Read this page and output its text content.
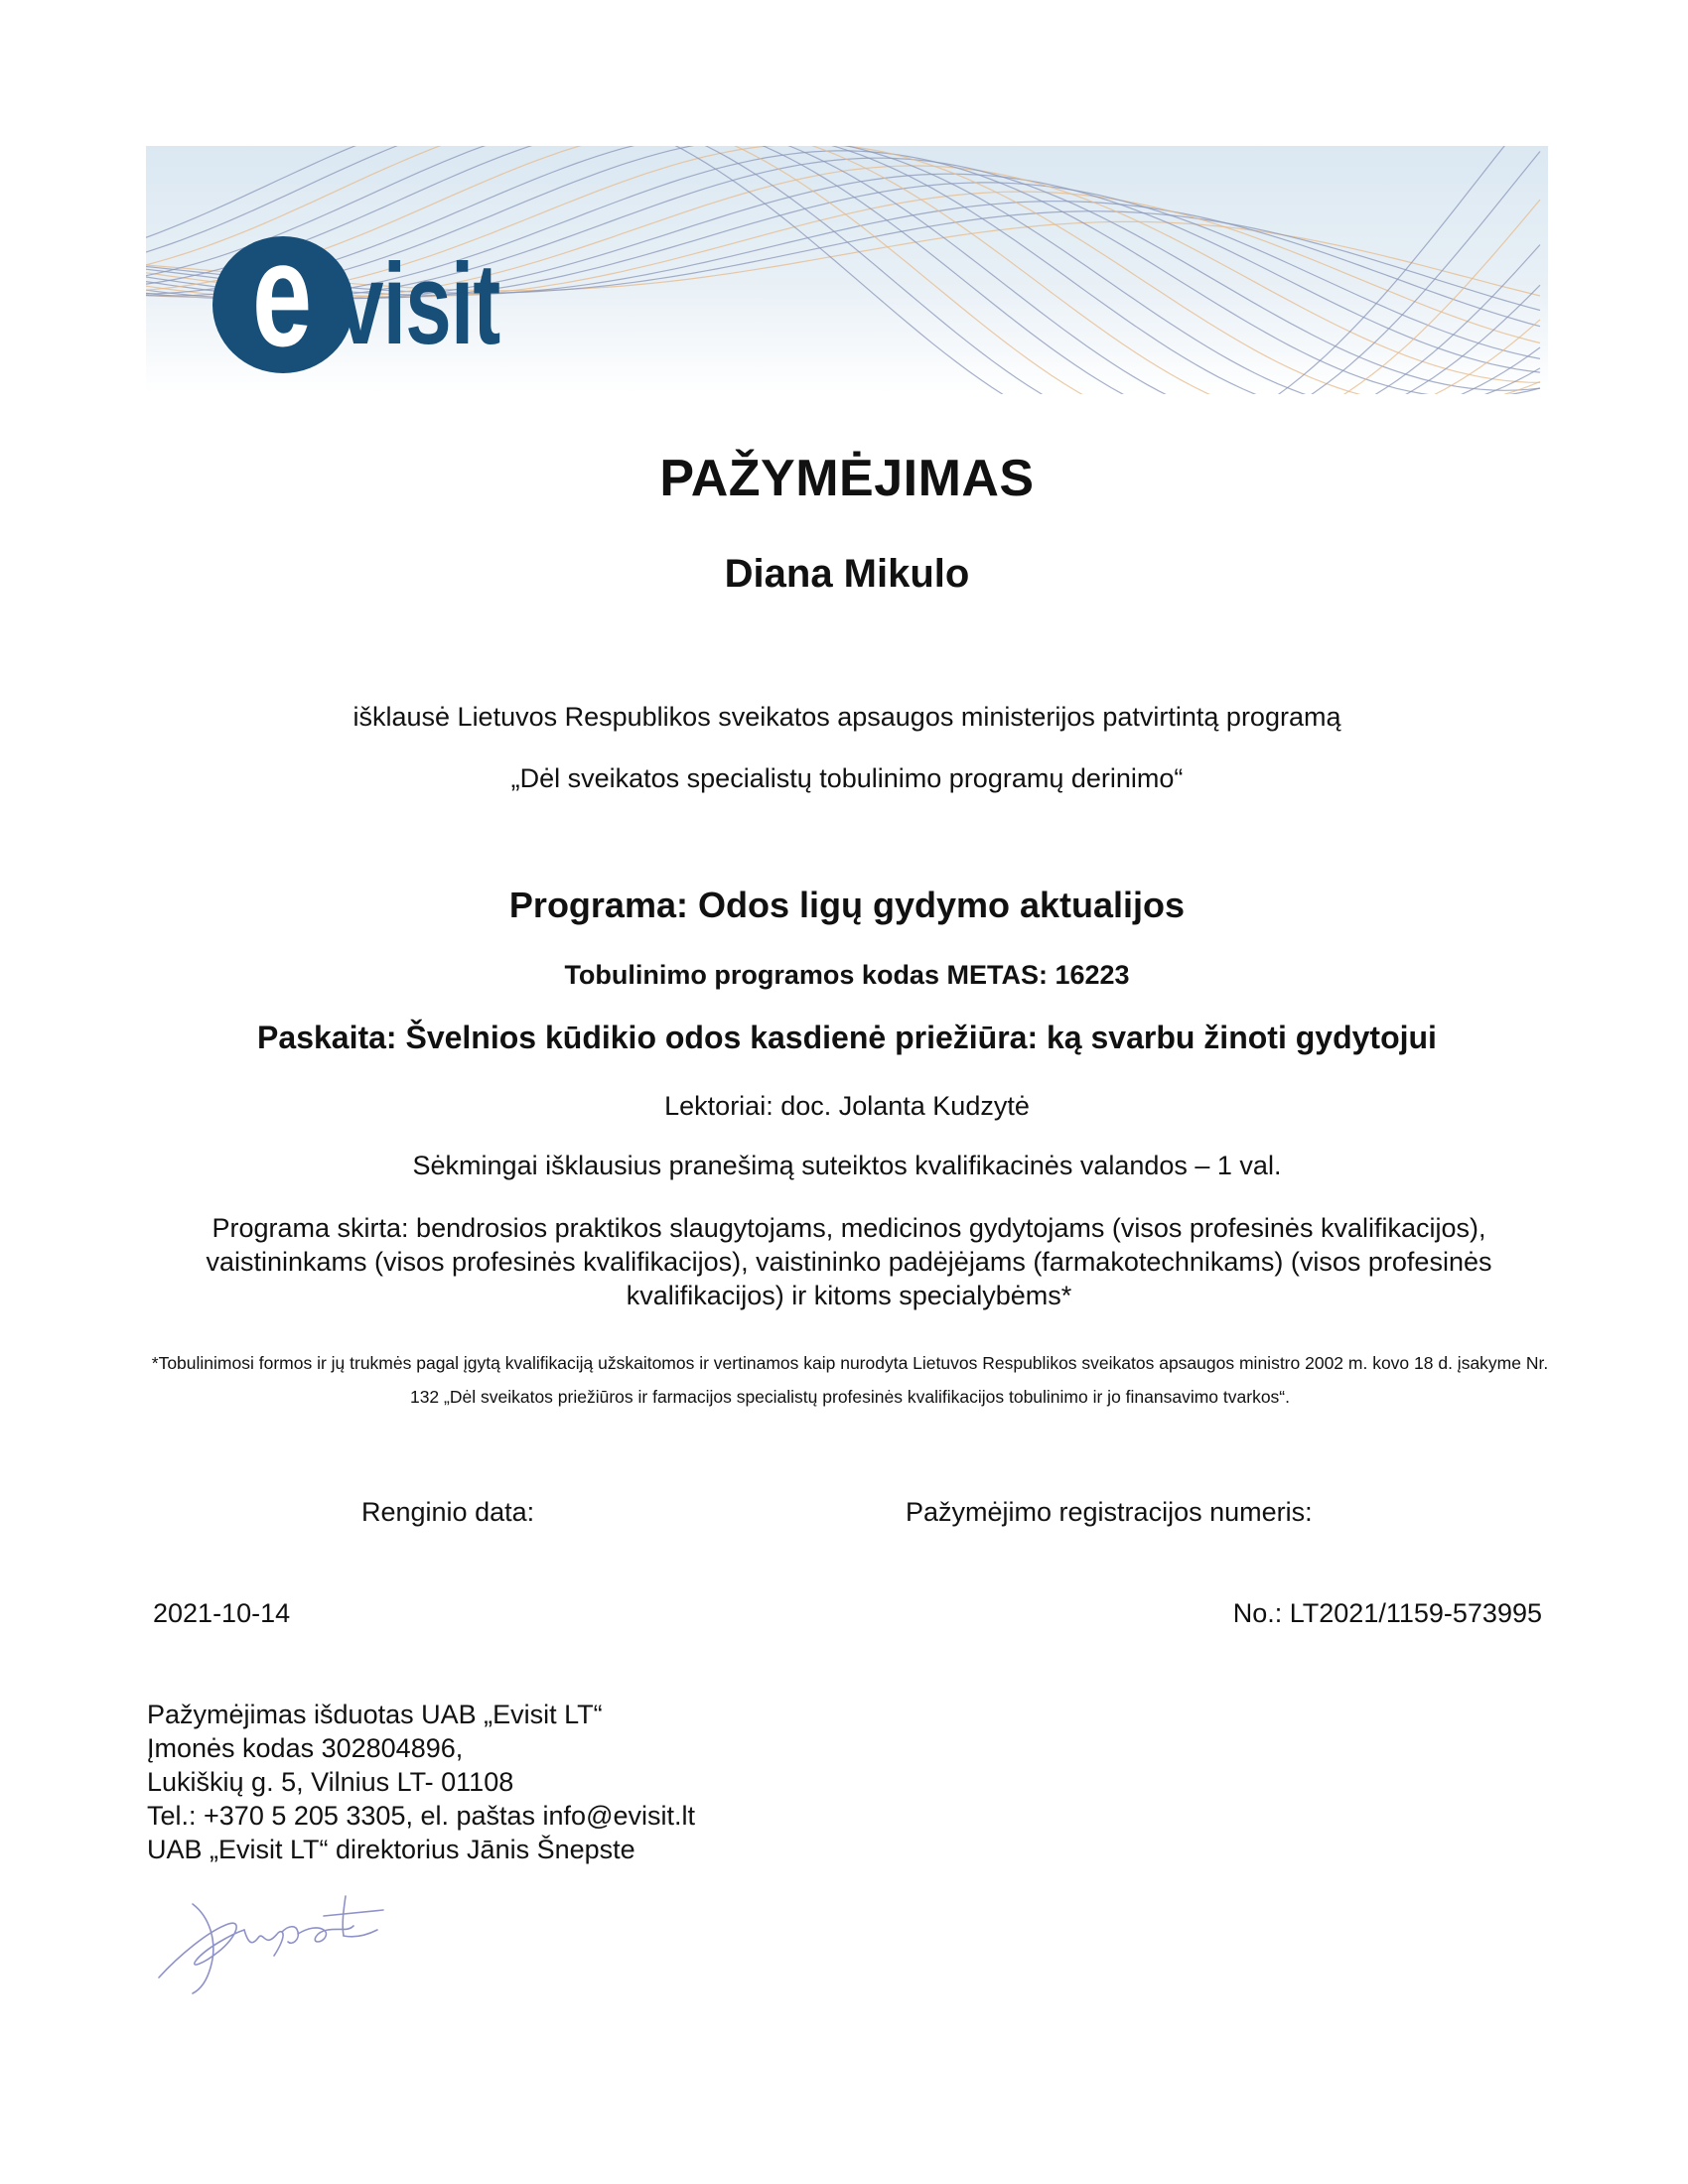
e visit
PAŽYMĖJIMAS
Diana Mikulo
išklausė Lietuvos Respublikos sveikatos apsaugos ministerijos patvirtintą programą
„Dėl sveikatos specialistų tobulinimo programų derinimo“
Programa: Odos ligų gydymo aktualijos
Tobulinimo programos kodas METAS: 16223
Paskaita: Švelnios kūdikio odos kasdienė priežiūra: ką svarbu žinoti gydytojui
Lektoriai: doc. Jolanta Kudzytė
Sėkmingai išklausius pranešimą suteiktos kvalifikacinės valandos – 1 val.
Programa skirta: bendrosios praktikos slaugytojams, medicinos gydytojams (visos profesinės kvalifikacijos), vaistininkams (visos profesinės kvalifikacijos), vaistininko padėjėjams (farmakotechnikams) (visos profesinės kvalifikacijos) ir kitoms specialybėms*
*Tobulinimosi formos ir jų trukmės pagal įgytą kvalifikaciją užskaitomos ir vertinamos kaip nurodyta Lietuvos Respublikos sveikatos apsaugos ministro 2002 m. kovo 18 d. įsakyme Nr. 132 „Dėl sveikatos priežiūros ir farmacijos specialistų profesinės kvalifikacijos tobulinimo ir jo finansavimo tvarkos“.
Renginio data:	Pažymėjimo registracijos numeris:
2021-10-14	No.: LT2021/1159-573995
Pažymėjimas išduotas UAB „Evisit LT“
Įmonės kodas 302804896,
Lukiškių g. 5, Vilnius LT- 01108
Tel.: +370 5 205 3305, el. paštas info@evisit.lt
UAB „Evisit LT“ direktorius Jānis Šnepste
